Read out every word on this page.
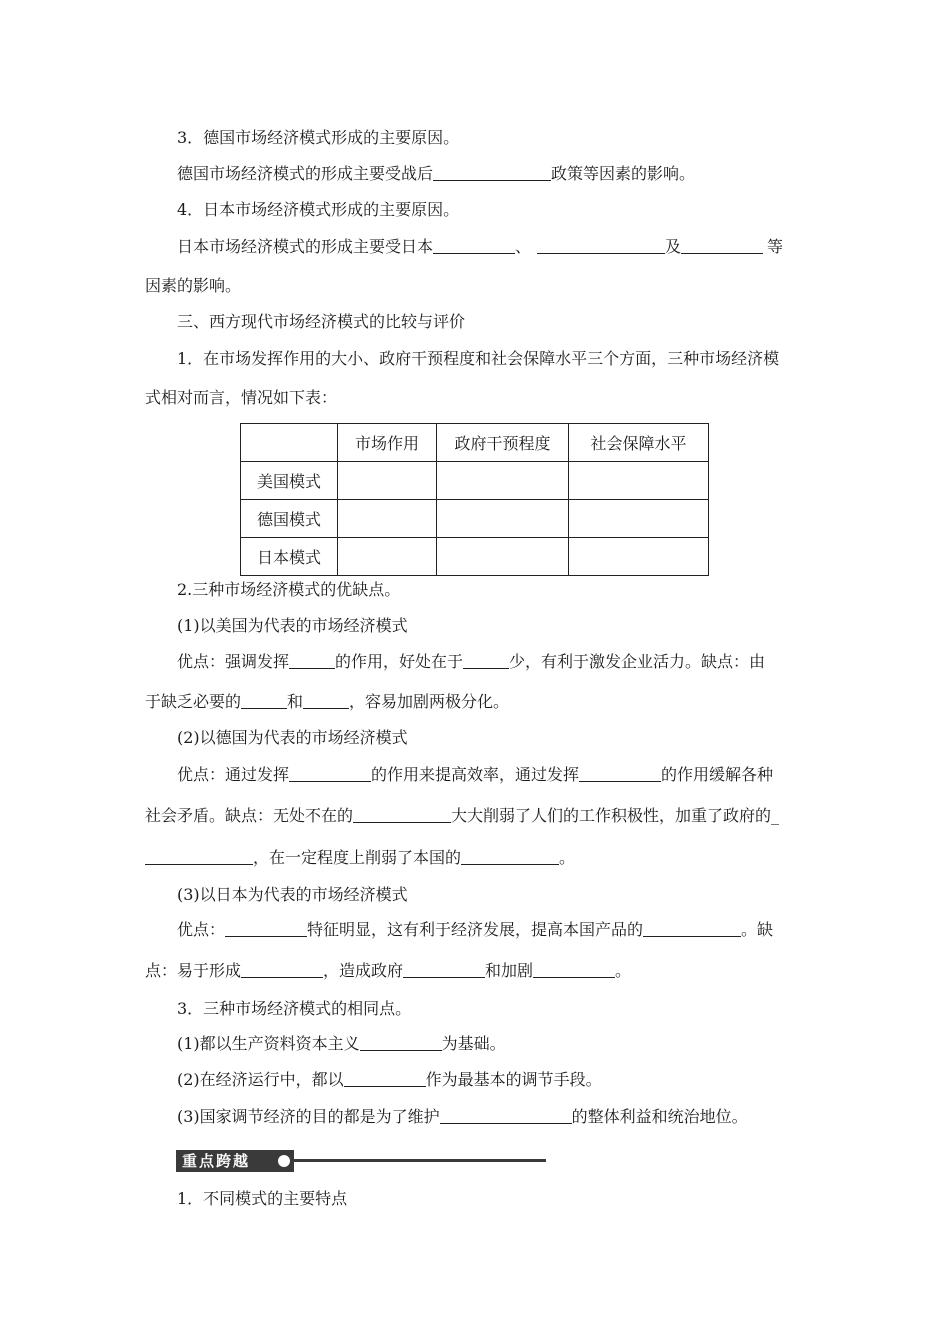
3．德国市场经济模式形成的主要原因。
德国市场经济模式的形成主要受战后	政策等因素的影响。
4．日本市场经济模式形成的主要原因。
日本市场经济模式的形成主要受日本	、	及	等
因素的影响。
三、西方现代市场经济模式的比较与评价
1．在市场发挥作用的大小、政府干预程度和社会保障水平三个方面，三种市场经济模
式相对而言，情况如下表：
	市场作用	政府干预程度	社会保障水平
美国模式			
德国模式			
日本模式			
2.三种市场经济模式的优缺点。
(1)以美国为代表的市场经济模式
优点：强调发挥	的作用，好处在于	少，有利于激发企业活力。缺点：由
于缺乏必要的	和	，容易加剧两极分化。
(2)以德国为代表的市场经济模式
优点：通过发挥	的作用来提高效率，通过发挥	的作用缓解各种
社会矛盾。缺点：无处不在的	大大削弱了人们的工作积极性，加重了政府的_
，在一定程度上削弱了本国的	。
(3)以日本为代表的市场经济模式
优点：	特征明显，这有利于经济发展，提高本国产品的	。缺
点：易于形成	，造成政府	和加剧	。
3．三种市场经济模式的相同点。
(1)都以生产资料资本主义	为基础。
(2)在经济运行中，都以	作为最基本的调节手段。
(3)国家调节经济的目的都是为了维护	的整体利益和统治地位。
重点跨越
1．不同模式的主要特点
